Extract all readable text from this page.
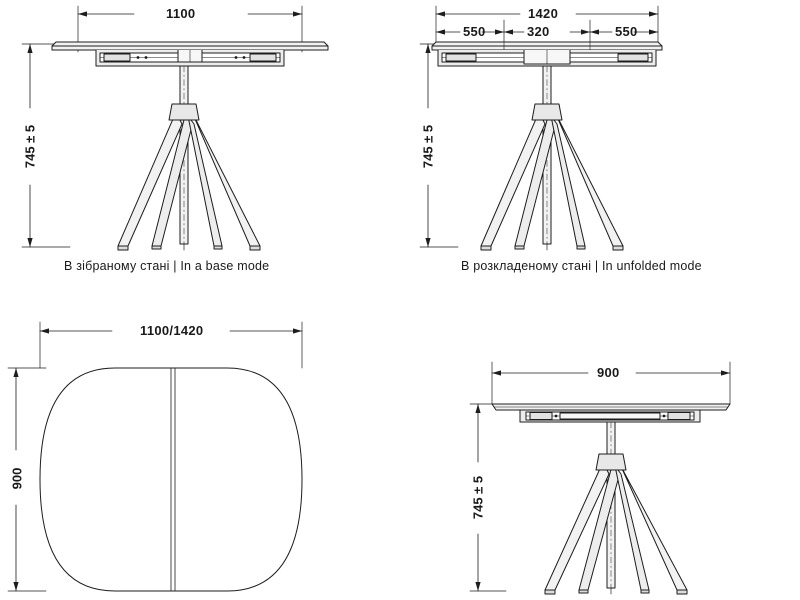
1100
745 ± 5
В зібраному стані | In a base mode
1420
550	320	550
745 ± 5
В розкладеному стані | In unfolded mode
1100/1420
900
900
745 ± 5
